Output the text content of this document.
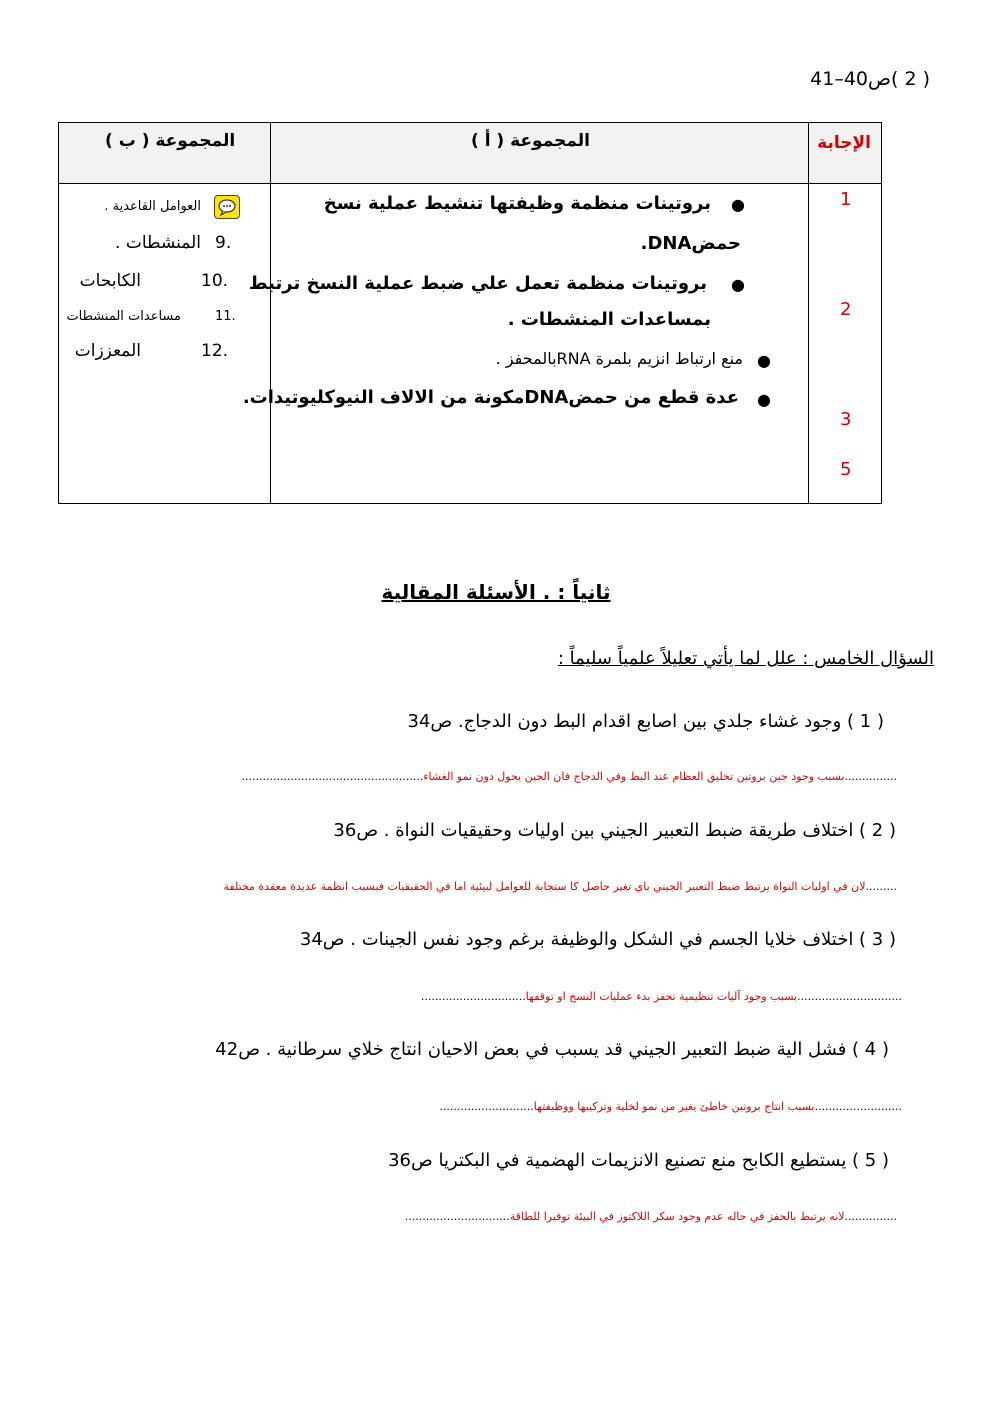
( 2 )ص40–41
الإجابة
المجموعة ( أ )
المجموعة ( ب )
1
2
3
5
●
بروتينات منظمة وظيفتها تنشيط عملية نسخ
حمضDNA.
●
بروتينات منظمة تعمل علي ضبط عملية النسخ ترتبط
بمساعدات المنشطات .
●
منع ارتباط انزيم بلمرة RNAبالمحفز .
●
عدة قطع من حمضDNAمكونة من الالاف النيوكليوتيدات.
العوامل القاعدية .
9.
المنشطات .
10.
الكابحات
11.
مساعدات المنشطات
12.
المعززات
ثانياً : . الأسئلة المقالية
السؤال الخامس : علل لما يأتي تعليلاً علمياً سليماً :
( 1 ) وجود غشاء جلدي بين اصابع اقدام البط دون الدجاج. ص34
...............بسبب وجود جين بروتين تخليق العظام عند البط وفي الدجاج فان الجين يحول دون نمو الغشاء....................................................
( 2 ) اختلاف طريقة ضبط التعبير الجيني بين اوليات وحقيقيات النواة . ص36
.........لان في اوليات النواة يرتبط ضبط التعبير الجيني باي تغير حاصل كا ستجابة للعوامل لبيئية اما في الحقيقيات فبسبب انظمة عديدة معقدة مختلفة
( 3 ) اختلاف خلايا الجسم في الشكل والوظيفة برغم وجود نفس الجينات . ص34
..............................بسبب وجود آليات تنظيمية تحفز بدء عمليات النسخ او توقفها..............................
( 4 ) فشل الية ضبط التعبير الجيني قد يسبب في بعض الاحيان انتاج خلاي سرطانية . ص42
.........................بسبب انتاج بروتين خاطئ يغير من نمو لخلية وتركيبها ووظيفتها...........................
( 5 ) يستطيع الكابح منع تصنيع الانزيمات الهضمية في البكتريا ص36
...............لانه يرتبط بالحفز في حاله عدم وجود سكر اللاكتوز في البيئة توفيرا للطاقة..............................
